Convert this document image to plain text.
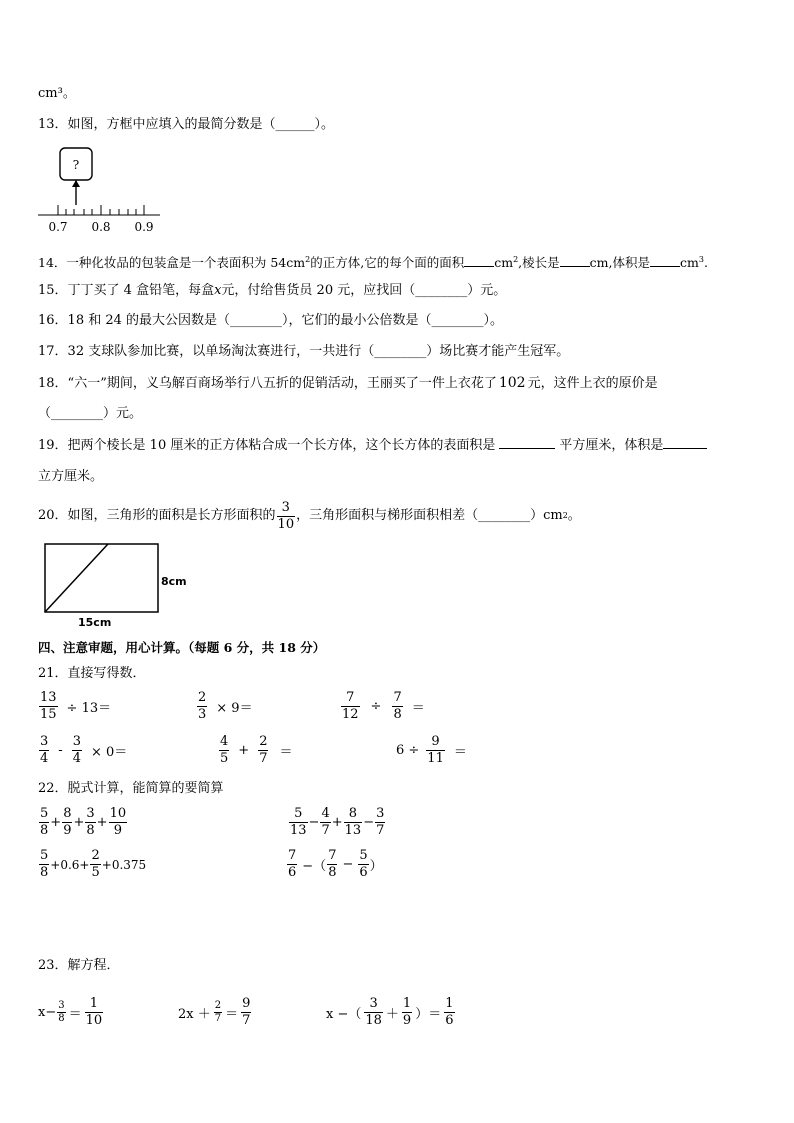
cm³。
13．如图，方框中应填入的最简分数是（______）。
?
0.7 0.8 0.9
14．一种化妆品的包装盒是一个表面积为 $54cm^2$的正方体,它的每个面的面积 $cm^2$,棱长是 cm,体积是 $cm^3$.
15．丁丁买了 4 盒铅笔，每盒x元，付给售货员 20 元，应找回（________）元。
16．18 和 24 的最大公因数是（________），它们的最小公倍数是（________）。
17．32 支球队参加比赛，以单场淘汰赛进行，一共进行（________）场比赛才能产生冠军。
18．“六一”期间，义乌解百商场举行八五折的促销活动，王丽买了一件上衣花了 102 元，这件上衣的原价是
（________）元。
19．把两个棱长是 10 厘米的正方体粘合成一个长方体，这个长方体的表面积是	平方厘米，体积是
立方厘米。
20．如图，三角形的面积是长方形面积的 $\frac{3}{10}$ ，三角形面积与梯形面积相差（________）cm 2 。
8cm
15cm
四、注意审题，用心计算。（每题 6 分，共 18 分）
21．直接写得数．
$\frac{13}{15} \div 13=$	$\frac{2}{3} \times 9=$	$\frac{7}{12} \div \frac{7}{8}$ ＝
$\frac{3}{4} - \frac{3}{4} \times 0=$	$\frac{4}{5} + \frac{2}{7}$ ＝	$6 \div \frac{9}{11}$ ＝
22．脱式计算，能简算的要简算
$\frac{5}{8} + \frac{8}{9} + \frac{3}{8} + \frac{10}{9}$	$\frac{5}{13} - \frac{4}{7} + \frac{8}{13} - \frac{3}{7}$
$\frac{5}{8} +0.6+ \frac{2}{5} +0.375$	$\frac{7}{6}$ −（ $\frac{7}{8} - \frac{5}{6}$ ）
23．解方程．
$x- \frac{3}{8} = \frac{1}{10}$	$2x + \frac{2}{7} = \frac{9}{7}$	x −（ $\frac{3}{18} + \frac{1}{9}$ ）＝ $\frac{1}{6}$
